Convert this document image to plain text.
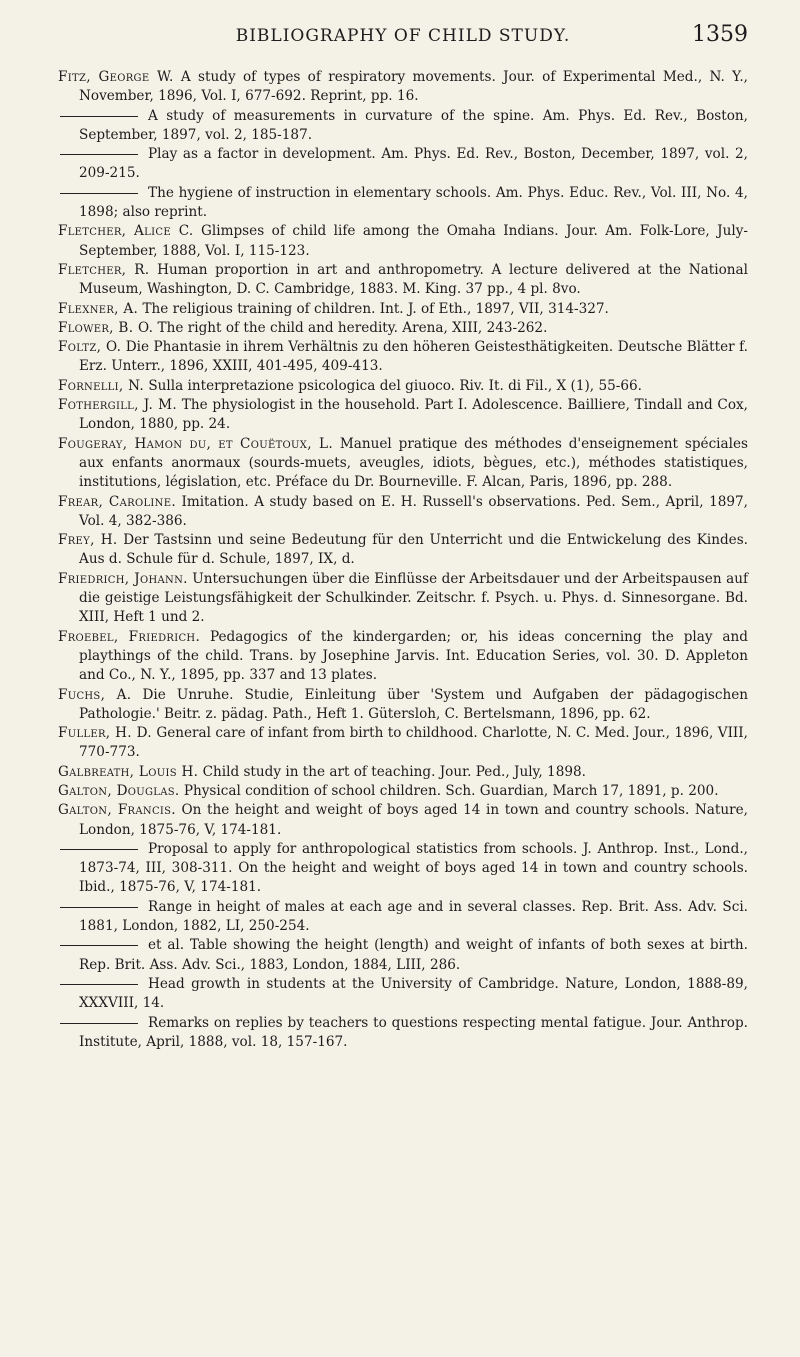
BIBLIOGRAPHY OF CHILD STUDY.	1359

Fitz, George W. A study of types of respiratory movements. Jour. of Experimental Med., N. Y., November, 1896, Vol. I, 677-692. Reprint, pp. 16.

A study of measurements in curvature of the spine. Am. Phys. Ed. Rev., Boston, September, 1897, vol. 2, 185-187.

Play as a factor in development. Am. Phys. Ed. Rev., Boston, December, 1897, vol. 2, 209-215.

The hygiene of instruction in elementary schools. Am. Phys. Educ. Rev., Vol. III, No. 4, 1898; also reprint.

Fletcher, Alice C. Glimpses of child life among the Omaha Indians. Jour. Am. Folk-Lore, July-September, 1888, Vol. I, 115-123.

Fletcher, R. Human proportion in art and anthropometry. A lecture delivered at the National Museum, Washington, D. C. Cambridge, 1883. M. King. 37 pp., 4 pl. 8vo.

Flexner, A. The religious training of children. Int. J. of Eth., 1897, VII, 314-327.

Flower, B. O. The right of the child and heredity. Arena, XIII, 243-262.

Foltz, O. Die Phantasie in ihrem Verhältnis zu den höheren Geistesthätigkeiten. Deutsche Blätter f. Erz. Unterr., 1896, XXIII, 401-495, 409-413.

Fornelli, N. Sulla interpretazione psicologica del giuoco. Riv. It. di Fil., X (1), 55-66.

Fothergill, J. M. The physiologist in the household. Part I. Adolescence. Bailliere, Tindall and Cox, London, 1880, pp. 24.

Fougeray, Hamon du, et Couëtoux, L. Manuel pratique des méthodes d'enseignement spéciales aux enfants anormaux (sourds-muets, aveugles, idiots, bègues, etc.), méthodes statistiques, institutions, législation, etc. Préface du Dr. Bourneville. F. Alcan, Paris, 1896, pp. 288.

Frear, Caroline. Imitation. A study based on E. H. Russell's observations. Ped. Sem., April, 1897, Vol. 4, 382-386.

Frey, H. Der Tastsinn und seine Bedeutung für den Unterricht und die Entwickelung des Kindes. Aus d. Schule für d. Schule, 1897, IX, d.

Friedrich, Johann. Untersuchungen über die Einflüsse der Arbeitsdauer und der Arbeitspausen auf die geistige Leistungsfähigkeit der Schulkinder. Zeitschr. f. Psych. u. Phys. d. Sinnesorgane. Bd. XIII, Heft 1 und 2.

Froebel, Friedrich. Pedagogics of the kindergarden; or, his ideas concerning the play and playthings of the child. Trans. by Josephine Jarvis. Int. Education Series, vol. 30. D. Appleton and Co., N. Y., 1895, pp. 337 and 13 plates.

Fuchs, A. Die Unruhe. Studie, Einleitung über 'System und Aufgaben der pädagogischen Pathologie.' Beitr. z. pädag. Path., Heft 1. Gütersloh, C. Bertelsmann, 1896, pp. 62.

Fuller, H. D. General care of infant from birth to childhood. Charlotte, N. C. Med. Jour., 1896, VIII, 770-773.

Galbreath, Louis H. Child study in the art of teaching. Jour. Ped., July, 1898.

Galton, Douglas. Physical condition of school children. Sch. Guardian, March 17, 1891, p. 200.

Galton, Francis. On the height and weight of boys aged 14 in town and country schools. Nature, London, 1875-76, V, 174-181.

Proposal to apply for anthropological statistics from schools. J. Anthrop. Inst., Lond., 1873-74, III, 308-311. On the height and weight of boys aged 14 in town and country schools. Ibid., 1875-76, V, 174-181.

Range in height of males at each age and in several classes. Rep. Brit. Ass. Adv. Sci. 1881, London, 1882, LI, 250-254.

et al. Table showing the height (length) and weight of infants of both sexes at birth. Rep. Brit. Ass. Adv. Sci., 1883, London, 1884, LIII, 286.

Head growth in students at the University of Cambridge. Nature, London, 1888-89, XXXVIII, 14.

Remarks on replies by teachers to questions respecting mental fatigue. Jour. Anthrop. Institute, April, 1888, vol. 18, 157-167.
